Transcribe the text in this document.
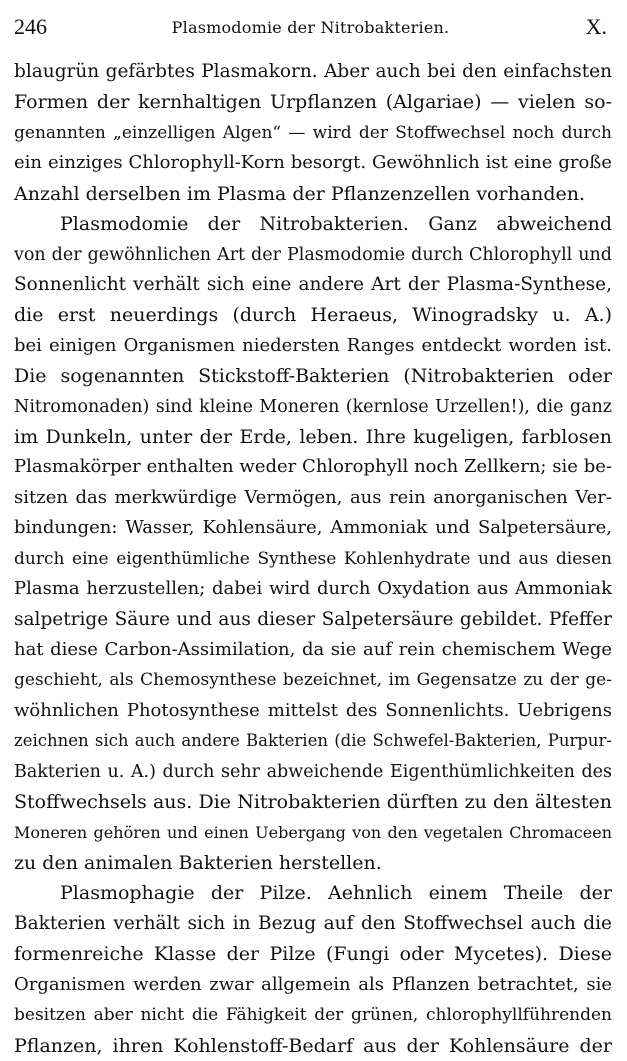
246	Plasmodomie der Nitrobakterien.	X.
blaugrün gefärbtes Plasmakorn. Aber auch bei den einfachsten
Formen der kernhaltigen Urpflanzen (Algariae) — vielen so-
genannten „einzelligen Algen“ — wird der Stoffwechsel noch durch
ein einziges Chlorophyll-Korn besorgt. Gewöhnlich ist eine große
Anzahl derselben im Plasma der Pflanzenzellen vorhanden.
Plasmodomie der Nitrobakterien. Ganz abweichend
von der gewöhnlichen Art der Plasmodomie durch Chlorophyll und
Sonnenlicht verhält sich eine andere Art der Plasma-Synthese,
die erst neuerdings (durch Heraeus, Winogradsky u. A.)
bei einigen Organismen niedersten Ranges entdeckt worden ist.
Die sogenannten Stickstoff-Bakterien (Nitrobakterien oder
Nitromonaden) sind kleine Moneren (kernlose Urzellen!), die ganz
im Dunkeln, unter der Erde, leben. Ihre kugeligen, farblosen
Plasmakörper enthalten weder Chlorophyll noch Zellkern; sie be-
sitzen das merkwürdige Vermögen, aus rein anorganischen Ver-
bindungen: Wasser, Kohlensäure, Ammoniak und Salpetersäure,
durch eine eigenthümliche Synthese Kohlenhydrate und aus diesen
Plasma herzustellen; dabei wird durch Oxydation aus Ammoniak
salpetrige Säure und aus dieser Salpetersäure gebildet. Pfeffer
hat diese Carbon-Assimilation, da sie auf rein chemischem Wege
geschieht, als Chemosynthese bezeichnet, im Gegensatze zu der ge-
wöhnlichen Photosynthese mittelst des Sonnenlichts. Uebrigens
zeichnen sich auch andere Bakterien (die Schwefel-Bakterien, Purpur-
Bakterien u. A.) durch sehr abweichende Eigenthümlichkeiten des
Stoffwechsels aus. Die Nitrobakterien dürften zu den ältesten
Moneren gehören und einen Uebergang von den vegetalen Chromaceen
zu den animalen Bakterien herstellen.
Plasmophagie der Pilze. Aehnlich einem Theile der
Bakterien verhält sich in Bezug auf den Stoffwechsel auch die
formenreiche Klasse der Pilze (Fungi oder Mycetes). Diese
Organismen werden zwar allgemein als Pflanzen betrachtet, sie
besitzen aber nicht die Fähigkeit der grünen, chlorophyllführenden
Pflanzen, ihren Kohlenstoff-Bedarf aus der Kohlensäure der
